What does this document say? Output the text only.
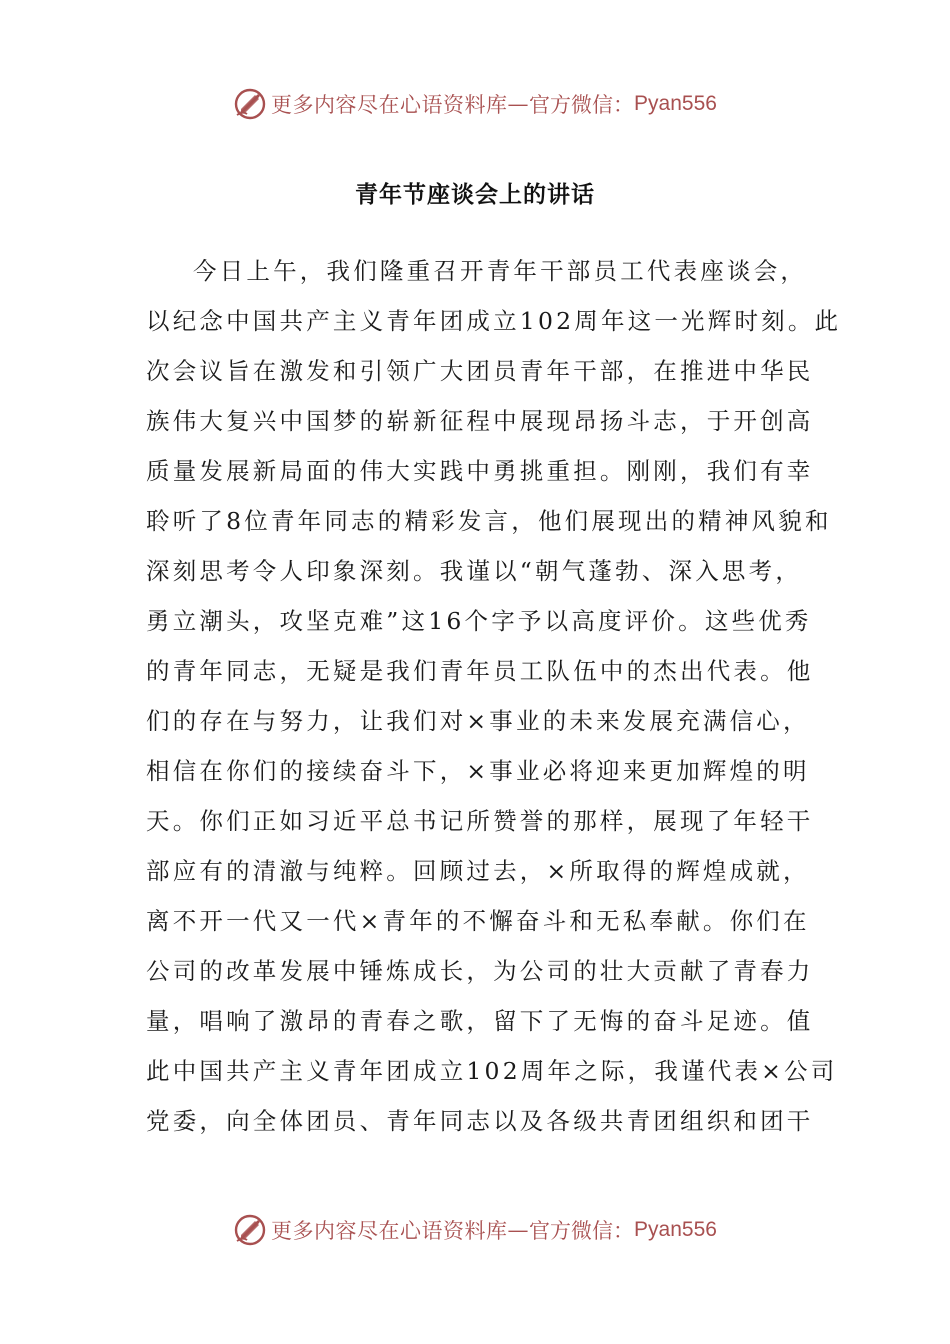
更多内容尽在心语资料库 — 官方微信： Pyan556
青年节座谈会上的讲话
今日上午，我们隆重召开青年干部员工代表座谈会，
以纪念中国共产主义青年团成立102周年这一光辉时刻。此
次会议旨在激发和引领广大团员青年干部，在推进中华民
族伟大复兴中国梦的崭新征程中展现昂扬斗志，于开创高
质量发展新局面的伟大实践中勇挑重担。刚刚，我们有幸
聆听了8位青年同志的精彩发言，他们展现出的精神风貌和
深刻思考令人印象深刻。我谨以“朝气蓬勃、深入思考，
勇立潮头，攻坚克难”这16个字予以高度评价。这些优秀
的青年同志，无疑是我们青年员工队伍中的杰出代表。他
们的存在与努力，让我们对×事业的未来发展充满信心，
相信在你们的接续奋斗下，×事业必将迎来更加辉煌的明
天。你们正如习近平总书记所赞誉的那样，展现了年轻干
部应有的清澈与纯粹。回顾过去，×所取得的辉煌成就，
离不开一代又一代×青年的不懈奋斗和无私奉献。你们在
公司的改革发展中锤炼成长，为公司的壮大贡献了青春力
量，唱响了激昂的青春之歌，留下了无悔的奋斗足迹。值
此中国共产主义青年团成立102周年之际，我谨代表×公司
党委，向全体团员、青年同志以及各级共青团组织和团干
更多内容尽在心语资料库 — 官方微信： Pyan556
